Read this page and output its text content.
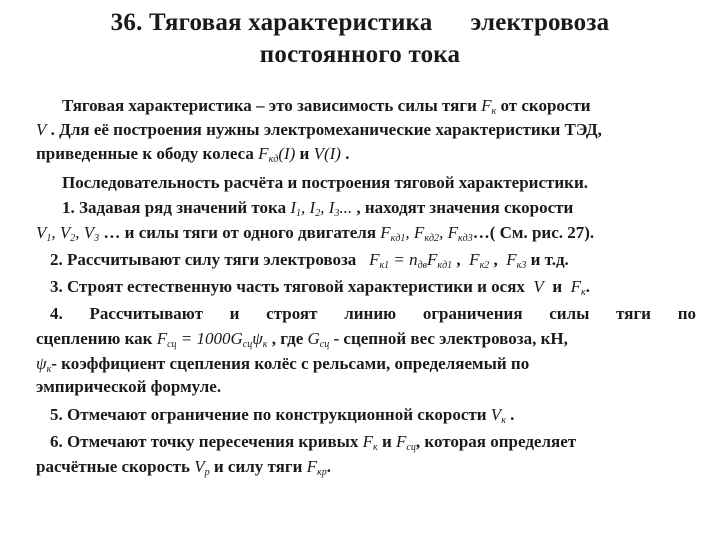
36. Тяговая характеристика электровоза
постоянного тока
Тяговая характеристика – это зависимость силы тяги $F_к$ от скорости
V . Для её построения нужны электромеханические характеристики ТЭД,
приведенные к ободу колеса $F_{кд}(I)$ и V(I) .
Последовательность расчёта и построения тяговой характеристики.
1. Задавая ряд значений тока $I_1$, $I_2$, $I_3$... , находят значения скорости
$V_1$, $V_2$, $V_3$ … и силы тяги от одного двигателя $F_{кд1}$, $F_{кд2}$, $F_{кд3}\dots$( См. рис. 27).
2. Рассчитывают силу тяги электровоза $F_{к1} = n_{дв}F_{кд1}$ ,  $F_{к2}$ ,  $F_{к3}$ и т.д.
3. Строят естественную часть тяговой характеристики и осях V и $F_к$.
4. Рассчитывают и строят линию ограничения силы тяги по
сцеплению как $F_{сц} = 1000G_{сц}\psi_к$ , где $G_{сц}$ - сцепной вес электровоза, кН,
$\psi_к-$ коэффициент сцепления колёс с рельсами, определяемый по
эмпирической формуле.
5. Отмечают ограничение по конструкционной скорости $V_к$ .
6. Отмечают точку пересечения кривых $F_к$ и $F_{сц}$, которая определяет
расчётные скорость $V_р$ и силу тяги $F_{кр}$.
